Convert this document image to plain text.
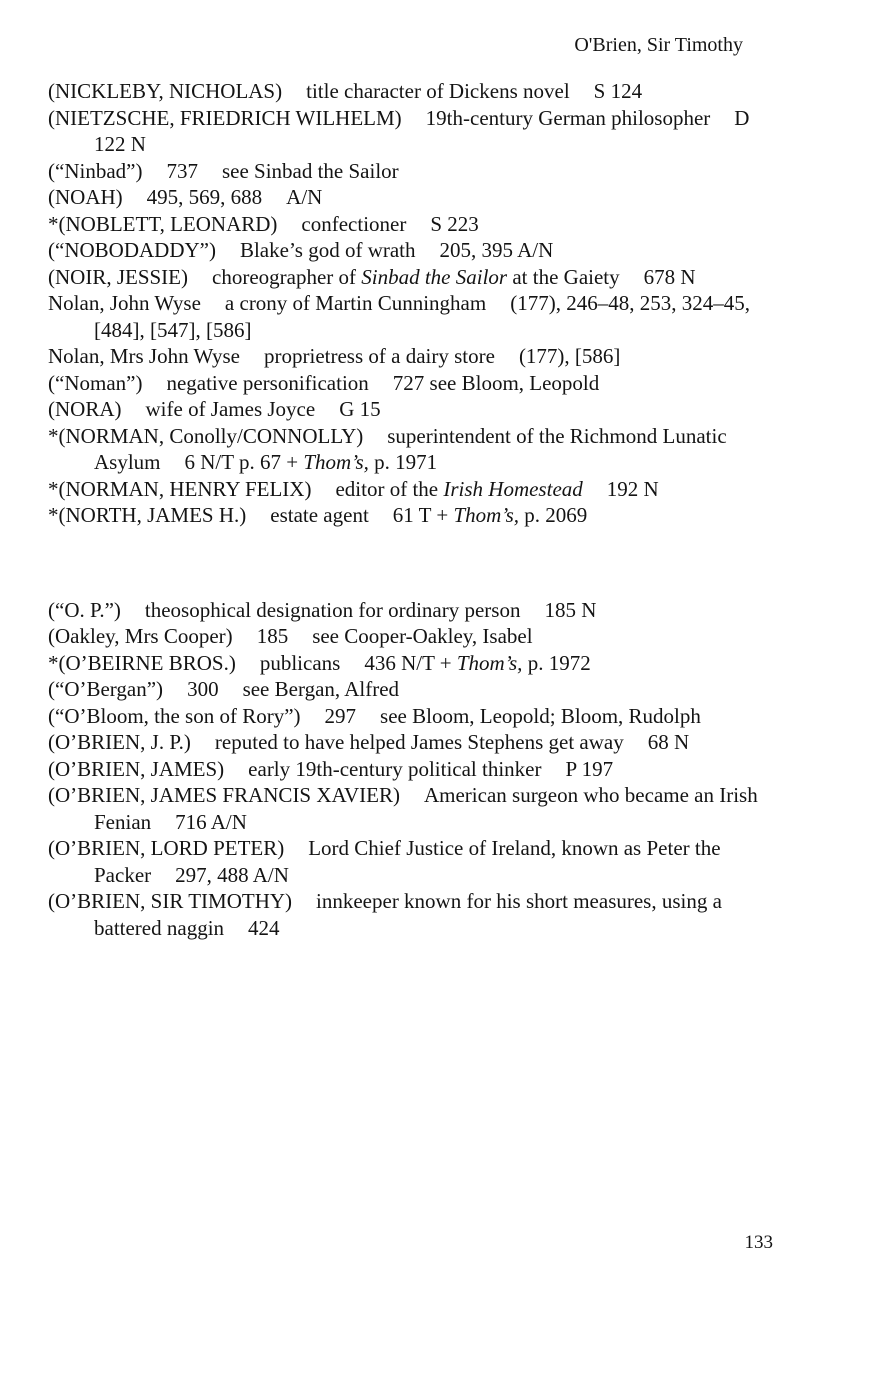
O'Brien, Sir Timothy

(NICKLEBY, NICHOLAS) title character of Dickens novel S 124

(NIETZSCHE, FRIEDRICH WILHELM) 19th-century German philosopher D 122 N

(“Ninbad”) 737 see Sinbad the Sailor

(NOAH) 495, 569, 688 A/N

*(NOBLETT, LEONARD) confectioner S 223

(“NOBODADDY”) Blake’s god of wrath 205, 395 A/N

(NOIR, JESSIE) choreographer of Sinbad the Sailor at the Gaiety 678 N

Nolan, John Wyse a crony of Martin Cunningham (177), 246–48, 253, 324–45, [484], [547], [586]

Nolan, Mrs John Wyse proprietress of a dairy store (177), [586]

(“Noman”) negative personification 727 see Bloom, Leopold

(NORA) wife of James Joyce G 15

*(NORMAN, Conolly/CONNOLLY) superintendent of the Richmond Lunatic Asylum 6 N/T p. 67 + Thom’s, p. 1971

*(NORMAN, HENRY FELIX) editor of the Irish Homestead 192 N

*(NORTH, JAMES H.) estate agent 61 T + Thom’s, p. 2069

(“O. P.”) theosophical designation for ordinary person 185 N

(Oakley, Mrs Cooper) 185 see Cooper-Oakley, Isabel

*(O’BEIRNE BROS.) publicans 436 N/T + Thom’s, p. 1972

(“O’Bergan”) 300 see Bergan, Alfred

(“O’Bloom, the son of Rory”) 297 see Bloom, Leopold; Bloom, Rudolph

(O’BRIEN, J. P.) reputed to have helped James Stephens get away 68 N

(O’BRIEN, JAMES) early 19th-century political thinker P 197

(O’BRIEN, JAMES FRANCIS XAVIER) American surgeon who became an Irish Fenian 716 A/N

(O’BRIEN, LORD PETER) Lord Chief Justice of Ireland, known as Peter the Packer 297, 488 A/N

(O’BRIEN, SIR TIMOTHY) innkeeper known for his short measures, using a battered naggin 424

133
